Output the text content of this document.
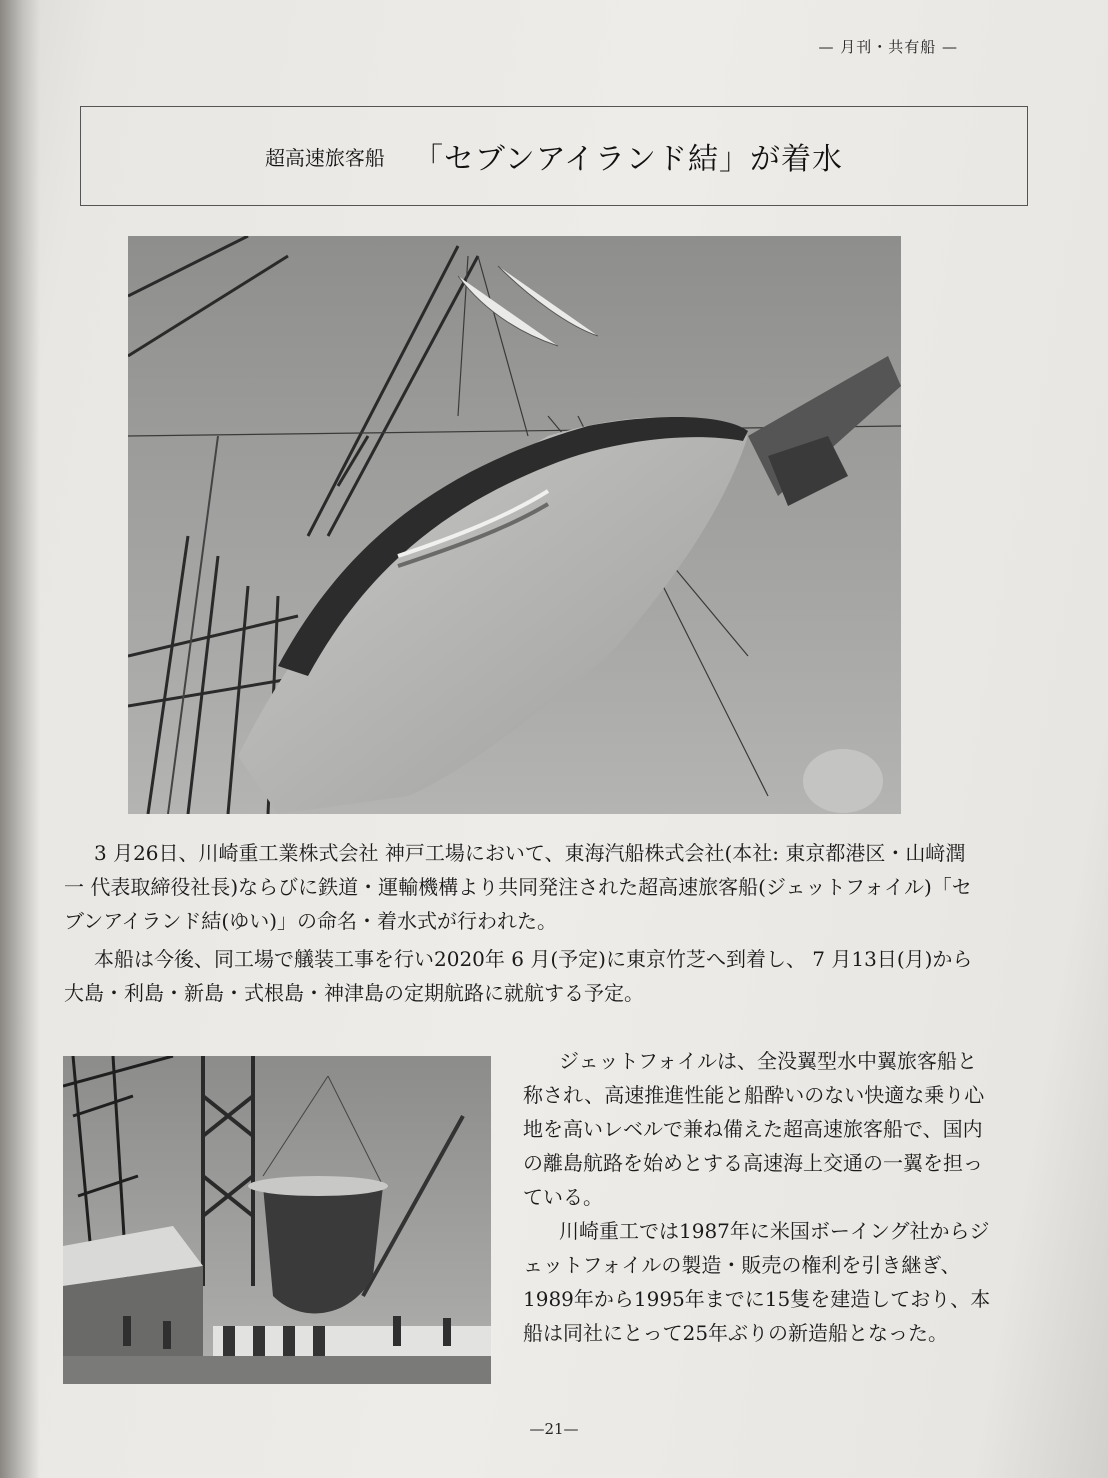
— 月刊・共有船 —
超高速旅客船 「セブンアイランド結」が着水

3 月26日、川崎重工業株式会社 神戸工場において、東海汽船株式会社(本社: 東京都港区・山﨑潤一 代表取締役社長)ならびに鉄道・運輸機構より共同発注された超高速旅客船(ジェットフォイル)「セブンアイランド結(ゆい)」の命名・着水式が行われた。

本船は今後、同工場で艤装工事を行い2020年 6 月(予定)に東京竹芝へ到着し、 7 月13日(月)から大島・利島・新島・式根島・神津島の定期航路に就航する予定。

ジェットフォイルは、全没翼型水中翼旅客船と称され、高速推進性能と船酔いのない快適な乗り心地を高いレベルで兼ね備えた超高速旅客船で、国内の離島航路を始めとする高速海上交通の一翼を担っている。

川崎重工では1987年に米国ボーイング社からジェットフォイルの製造・販売の権利を引き継ぎ、1989年から1995年までに15隻を建造しており、本船は同社にとって25年ぶりの新造船となった。

—21—
